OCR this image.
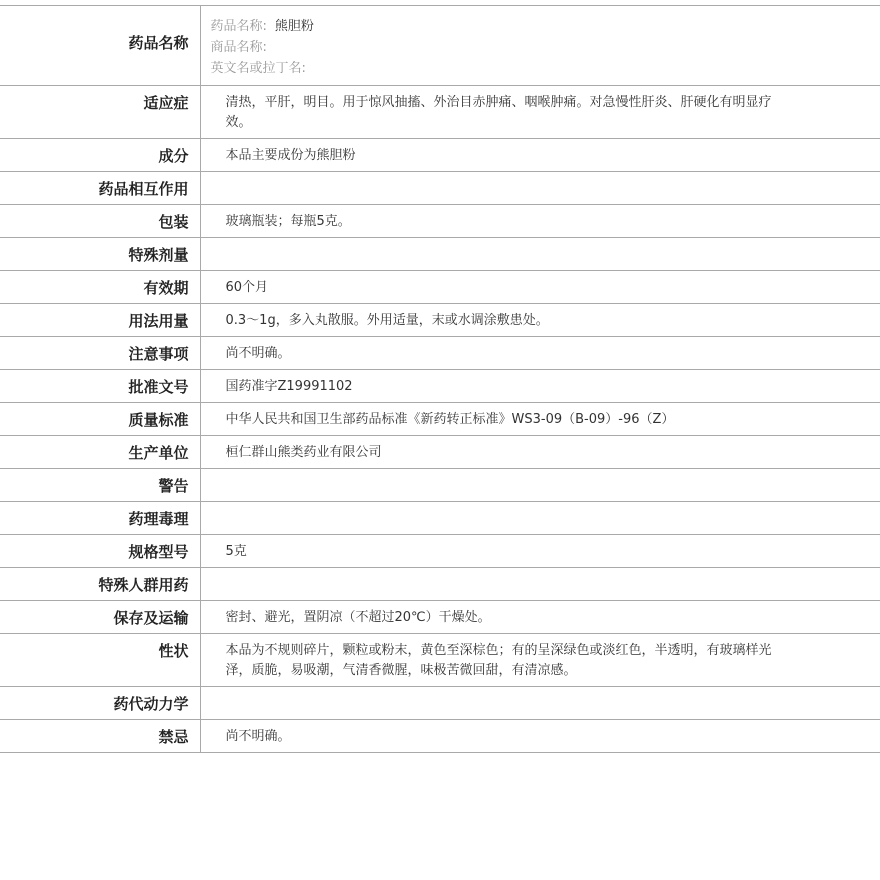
药品名称	药品名称: 熊胆粉
商品名称:
英文名或拉丁名:

适应症	清热，平肝，明目。用于惊风抽搐、外治目赤肿痛、咽喉肿痛。对急慢性肝炎、肝硬化有明显疗效。
成分	本品主要成份为熊胆粉
药品相互作用	
包装	玻璃瓶装；每瓶5克。
特殊剂量	
有效期	60个月
用法用量	0.3～1g，多入丸散服。外用适量，末或水调涂敷患处。
注意事项	尚不明确。
批准文号	国药准字Z19991102
质量标准	中华人民共和国卫生部药品标准《新药转正标准》WS3-09（B-09）-96（Z）
生产单位	桓仁群山熊类药业有限公司
警告	
药理毒理	
规格型号	5克
特殊人群用药	
保存及运输	密封、避光，置阴凉（不超过20℃）干燥处。
性状	本品为不规则碎片，颗粒或粉末，黄色至深棕色；有的呈深绿色或淡红色，半透明，有玻璃样光泽，质脆，易吸潮，气清香微腥，味极苦微回甜，有清凉感。
药代动力学	
禁忌	尚不明确。
